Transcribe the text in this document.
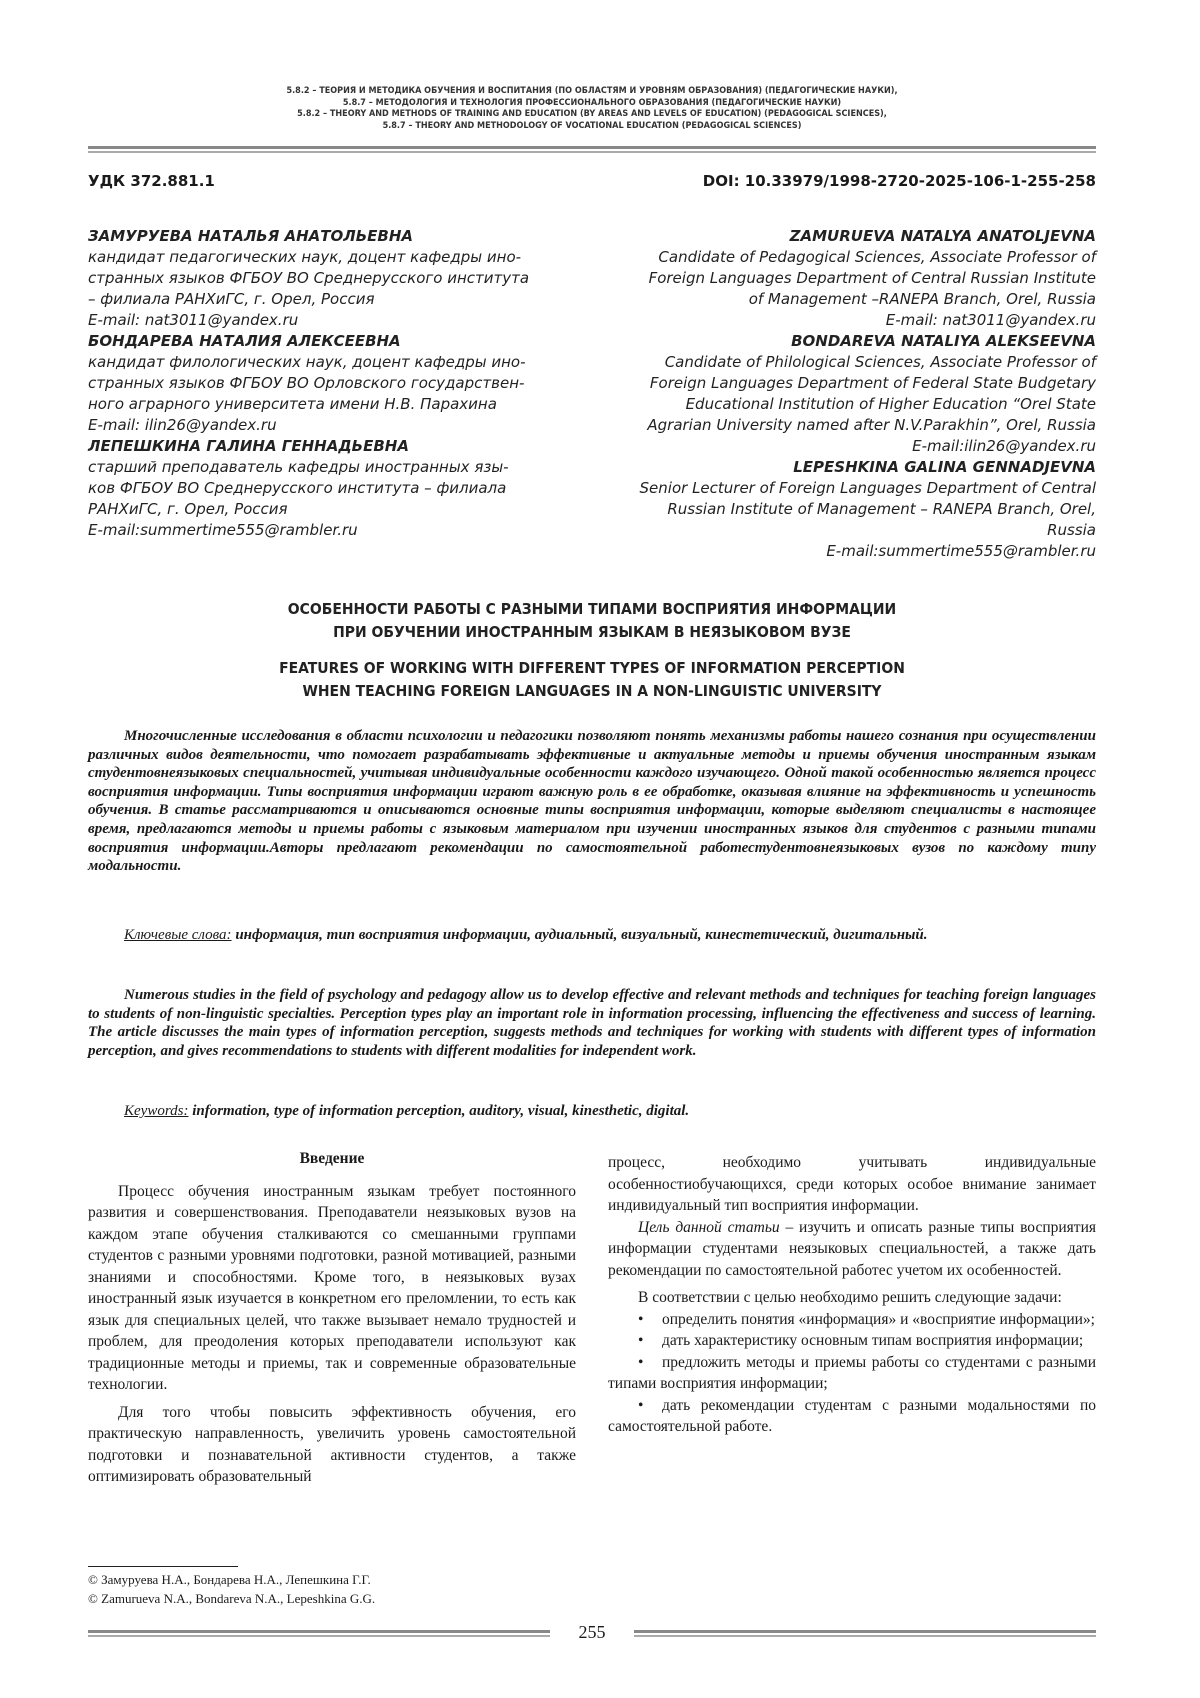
5.8.2 – ТЕОРИЯ И МЕТОДИКА ОБУЧЕНИЯ И ВОСПИТАНИЯ (ПО ОБЛАСТЯМ И УРОВНЯМ ОБРАЗОВАНИЯ) (ПЕДАГОГИЧЕСКИЕ НАУКИ),
5.8.7 – МЕТОДОЛОГИЯ И ТЕХНОЛОГИЯ ПРОФЕССИОНАЛЬНОГО ОБРАЗОВАНИЯ (ПЕДАГОГИЧЕСКИЕ НАУКИ)
5.8.2 – THEORY AND METHODS OF TRAINING AND EDUCATION (BY AREAS AND LEVELS OF EDUCATION) (PEDAGOGICAL SCIENCES),
5.8.7 – THEORY AND METHODOLOGY OF VOCATIONAL EDUCATION (PEDAGOGICAL SCIENCES)
УДК 372.881.1	DOI: 10.33979/1998-2720-2025-106-1-255-258
ЗАМУРУЕВА НАТАЛЬЯ АНАТОЛЬЕВНА
кандидат педагогических наук, доцент кафедры ино-
странных языков ФГБОУ ВО Среднерусского института
– филиала РАНХиГС, г. Орел, Россия
E-mail: nat3011@yandex.ru
БОНДАРЕВА НАТАЛИЯ АЛЕКСЕЕВНА
кандидат филологических наук, доцент кафедры ино-
странных языков ФГБОУ ВО Орловского государствен-
ного аграрного университета имени Н.В. Парахина
E-mail: ilin26@yandex.ru
ЛЕПЕШКИНА ГАЛИНА ГЕННАДЬЕВНА
старший преподаватель кафедры иностранных язы-
ков ФГБОУ ВО Среднерусского института – филиала
РАНХиГС, г. Орел, Россия
E-mail:summertime555@rambler.ru
ZAMURUEVA NATALYA ANATOLJEVNA
Candidate of Pedagogical Sciences, Associate Professor of
Foreign Languages Department of Central Russian Institute
of Management –RANEPA Branch, Orel, Russia
E-mail: nat3011@yandex.ru
BONDAREVA NATALIYA ALEKSEEVNA
Candidate of Philological Sciences, Associate Professor of
Foreign Languages Department of Federal State Budgetary
Educational Institution of Higher Education “Orel State
Agrarian University named after N.V.Parakhin”, Orel, Russia
E-mail:ilin26@yandex.ru
LEPESHKINA GALINA GENNADJEVNA
Senior Lecturer of Foreign Languages Department of Central
Russian Institute of Management – RANEPA Branch, Orel,
Russia
E-mail:summertime555@rambler.ru
ОСОБЕННОСТИ РАБОТЫ С РАЗНЫМИ ТИПАМИ ВОСПРИЯТИЯ ИНФОРМАЦИИ
ПРИ ОБУЧЕНИИ ИНОСТРАННЫМ ЯЗЫКАМ В НЕЯЗЫКОВОМ ВУЗЕ
FEATURES OF WORKING WITH DIFFERENT TYPES OF INFORMATION PERCEPTION
WHEN TEACHING FOREIGN LANGUAGES IN A NON-LINGUISTIC UNIVERSITY

Многочисленные исследования в области психологии и педагогики позволяют понять механизмы работы нашего сознания при осуществлении различных видов деятельности, что помогает разрабатывать эффективные и актуальные методы и приемы обучения иностранным языкам студентовнеязыковых специальностей, учитывая индивидуальные особенности каждого изучающего. Одной такой особенностью является процесс восприятия информации. Типы восприятия информации играют важную роль в ее обработке, оказывая влияние на эффективность и успешность обучения. В статье рассматриваются и описываются основные типы восприятия информации, которые выделяют специалисты в настоящее время, предлагаются методы и приемы работы с языковым материалом при изучении иностранных языков для студентов с разными типами восприятия информации.Авторы предлагают рекомендации по самостоятельной работестудентовнеязыковых вузов по каждому типу модальности.

Ключевые слова: информация, тип восприятия информации, аудиальный, визуальный, кинестетический, дигитальный.

Numerous studies in the field of psychology and pedagogy allow us to develop effective and relevant methods and techniques for teaching foreign languages to students of non-linguistic specialties. Perception types play an important role in information processing, influencing the effectiveness and success of learning. The article discusses the main types of information perception, suggests methods and techniques for working with students with different types of information perception, and gives recommendations to students with different modalities for independent work.

Keywords: information, type of information perception, auditory, visual, kinesthetic, digital.

Введение

Процесс обучения иностранным языкам требует постоянного развития и совершенствования. Преподаватели неязыковых вузов на каждом этапе обучения сталкиваются со смешанными группами студентов с разными уровнями подготовки, разной мотивацией, разными знаниями и способностями. Кроме того, в неязыковых вузах иностранный язык изучается в конкретном его преломлении, то есть как язык для специальных целей, что также вызывает немало трудностей и проблем, для преодоления которых преподаватели используют как традиционные методы и приемы, так и современные образовательные технологии.

Для того чтобы повысить эффективность обучения, его практическую направленность, увеличить уровень самостоятельной подготовки и познавательной активности студентов, а также оптимизировать образовательный

процесс, необходимо учитывать индивидуальные особенностиобучающихся, среди которых особое внимание занимает индивидуальный тип восприятия информации.

Цель данной статьи – изучить и описать разные типы восприятия информации студентами неязыковых специальностей, а также дать рекомендации по самостоятельной работес учетом их особенностей.

В соответствии с целью необходимо решить следующие задачи:

• определить понятия «информация» и «восприятие информации»;
• дать характеристику основным типам восприятия информации;
• предложить методы и приемы работы со студентами с разными типами восприятия информации;
• дать рекомендации студентам с разными модальностями по самостоятельной работе.
© Замуруева Н.А., Бондарева Н.А., Лепешкина Г.Г.
© Zamurueva N.A., Bondareva N.A., Lepeshkina G.G.
255
